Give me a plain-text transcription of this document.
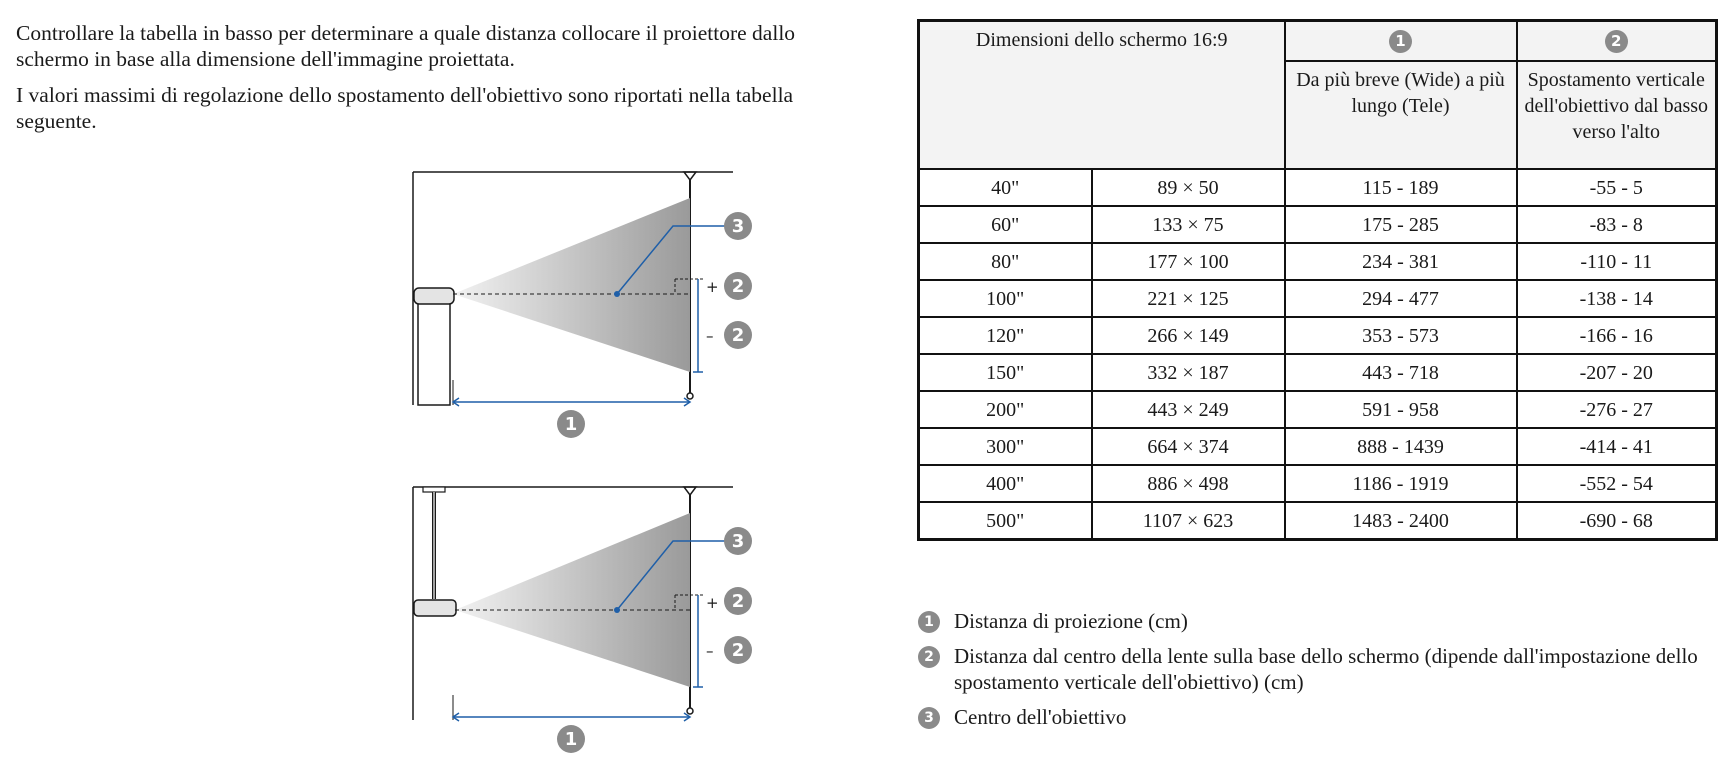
Controllare la tabella in basso per determinare a quale distanza collocare il proiettore dallo schermo in base alla dimensione dell'immagine proiettata.

I valori massimi di regolazione dello spostamento dell'obiettivo sono riportati nella tabella seguente.

+
–
3
2
2
1
+
–
3
2
2
1
Dimensioni dello schermo 16:9		1	2
		Da più breve (Wide) a più lungo (Tele)	Spostamento verticale dell'obiettivo dal basso verso l'alto
40"	89 × 50	115 - 189	-55 - 5
60"	133 × 75	175 - 285	-83 - 8
80"	177 × 100	234 - 381	-110 - 11
100"	221 × 125	294 - 477	-138 - 14
120"	266 × 149	353 - 573	-166 - 16
150"	332 × 187	443 - 718	-207 - 20
200"	443 × 249	591 - 958	-276 - 27
300"	664 × 374	888 - 1439	-414 - 41
400"	886 × 498	1186 - 1919	-552 - 54
500"	1107 × 623	1483 - 2400	-690 - 68
1 Distanza di proiezione (cm)
2 Distanza dal centro della lente sulla base dello schermo (dipende dall'impostazione dello spostamento verticale dell'obiettivo) (cm)
3 Centro dell'obiettivo
